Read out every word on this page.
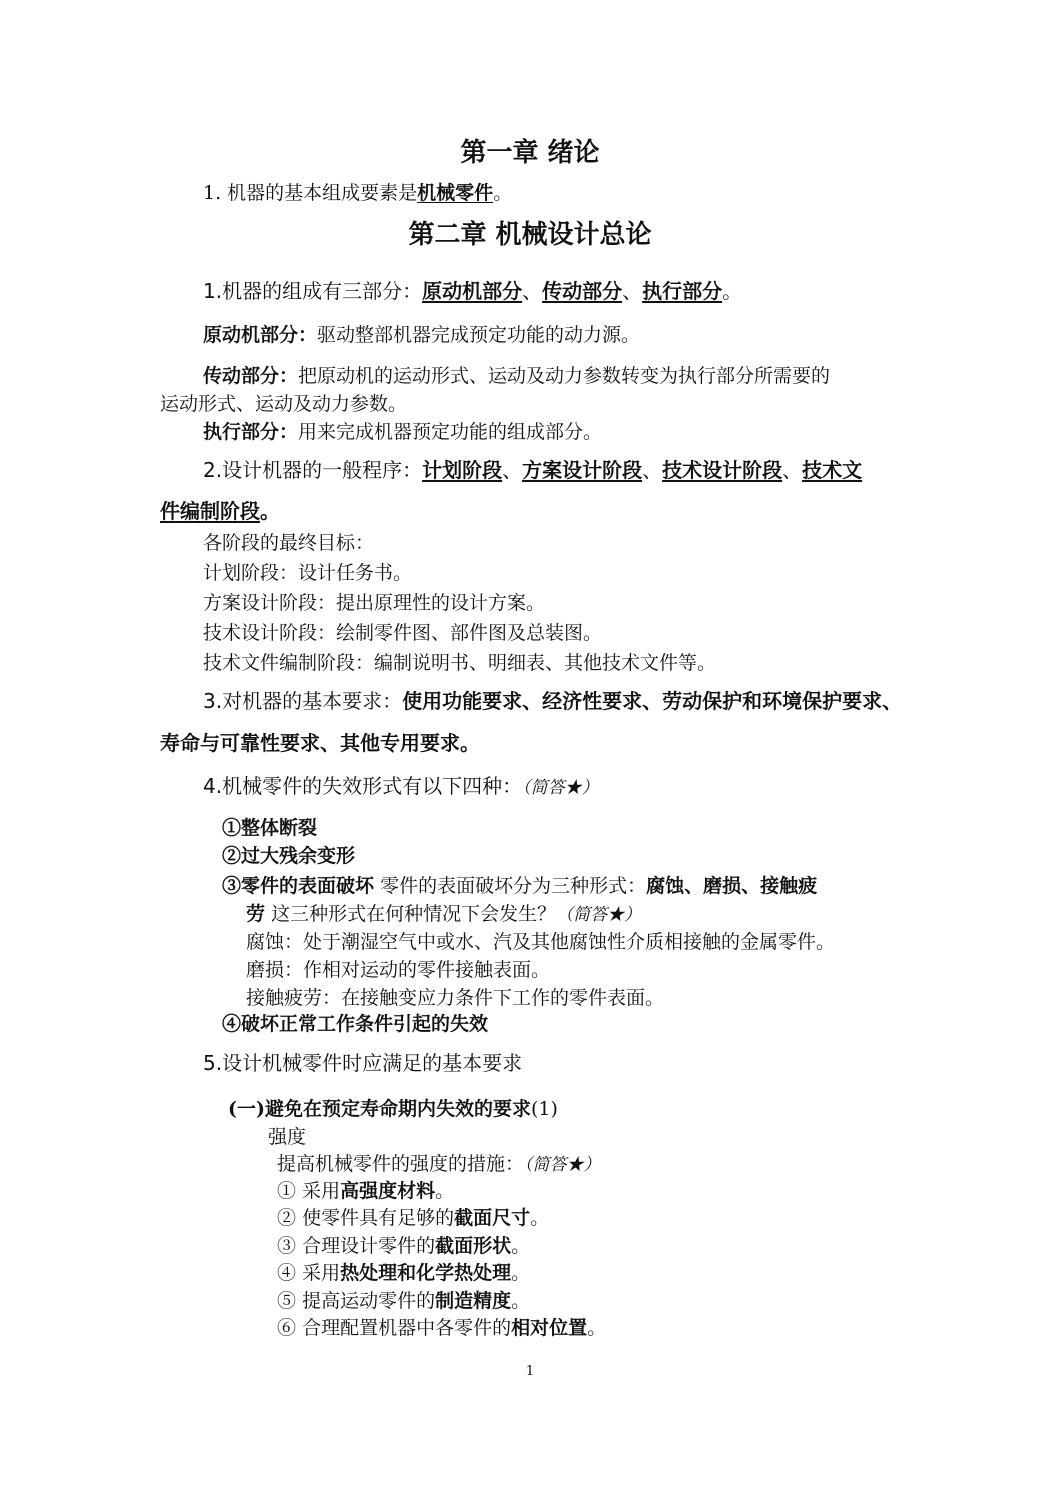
第一章 绪论
1. 机器的基本组成要素是机械零件。
第二章 机械设计总论
1.机器的组成有三部分：原动机部分、传动部分、执行部分。
原动机部分：驱动整部机器完成预定功能的动力源。
传动部分：把原动机的运动形式、运动及动力参数转变为执行部分所需要的
运动形式、运动及动力参数。
执行部分：用来完成机器预定功能的组成部分。
2.设计机器的一般程序：计划阶段、方案设计阶段、技术设计阶段、技术文
件编制阶段。
各阶段的最终目标：
计划阶段：设计任务书。
方案设计阶段：提出原理性的设计方案。
技术设计阶段：绘制零件图、部件图及总装图。
技术文件编制阶段：编制说明书、明细表、其他技术文件等。
3.对机器的基本要求：使用功能要求、经济性要求、劳动保护和环境保护要求、
寿命与可靠性要求、其他专用要求。
4.机械零件的失效形式有以下四种：（简答★）
①整体断裂
②过大残余变形
③零件的表面破坏 零件的表面破坏分为三种形式：腐蚀、磨损、接触疲
劳 这三种形式在何种情况下会发生？（简答★）
腐蚀：处于潮湿空气中或水、汽及其他腐蚀性介质相接触的金属零件。
磨损：作相对运动的零件接触表面。
接触疲劳：在接触变应力条件下工作的零件表面。
④破坏正常工作条件引起的失效
5.设计机械零件时应满足的基本要求
(一)避免在预定寿命期内失效的要求(1)
强度
提高机械零件的强度的措施：（简答★）
① 采用高强度材料。
② 使零件具有足够的截面尺寸。
③ 合理设计零件的截面形状。
④ 采用热处理和化学热处理。
⑤ 提高运动零件的制造精度。
⑥ 合理配置机器中各零件的相对位置。
1
